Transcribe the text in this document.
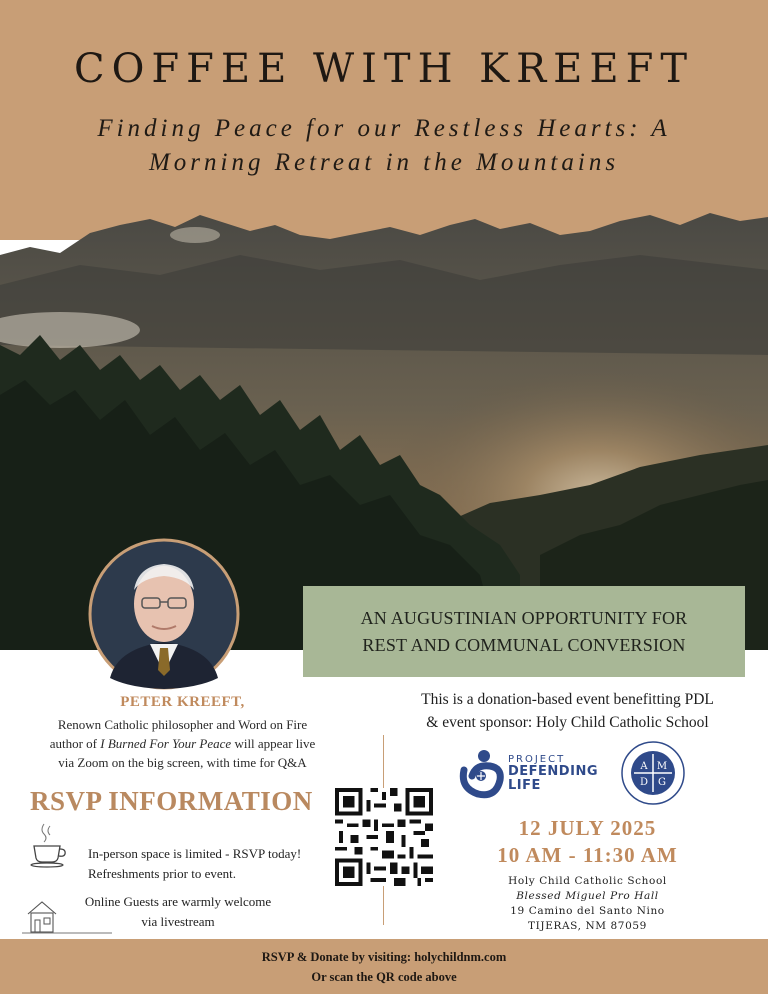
COFFEE WITH KREEFT
Finding Peace for our Restless Hearts: A
Morning Retreat in the Mountains
PETER KREEFT,
Renown Catholic philosopher and Word on Fire
author of I Burned For Your Peace will appear live
via Zoom on the big screen, with time for Q&A
AN AUGUSTINIAN OPPORTUNITY FOR
REST AND COMMUNAL CONVERSION
This is a donation-based event benefitting PDL
& event sponsor: Holy Child Catholic School
RSVP INFORMATION
In-person space is limited - RSVP today!
Refreshments prior to event.
Online Guests are warmly welcome
via livestream
PROJECT
DEFENDING
LIFE
A M
D G
12 JULY 2025
10 AM - 11:30 AM
Holy Child Catholic School
Blessed Miguel Pro Hall
19 Camino del Santo Nino
TIJERAS, NM 87059
RSVP & Donate by visiting: holychildnm.com
Or scan the QR code above
